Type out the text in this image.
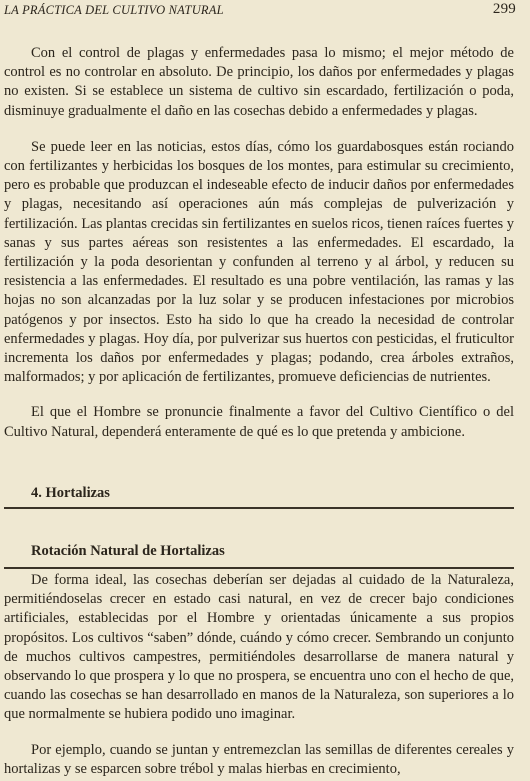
LA PRÁCTICA DEL CULTIVO NATURAL	299

Con el control de plagas y enfermedades pasa lo mismo; el mejor método de control es no controlar en absoluto. De principio, los daños por enfermedades y plagas no existen. Si se establece un sistema de cultivo sin escardado, fertilización o poda, disminuye gradualmente el daño en las cosechas debido a enfermedades y plagas.

Se puede leer en las noticias, estos días, cómo los guardabosques están rociando con fertilizantes y herbicidas los bosques de los montes, para estimular su crecimiento, pero es probable que produzcan el indeseable efecto de inducir daños por enfermedades y plagas, necesitando así operaciones aún más complejas de pulverización y fertilización. Las plantas crecidas sin fertilizantes en suelos ricos, tienen raíces fuertes y sanas y sus partes aéreas son resistentes a las enfermedades. El escardado, la fertilización y la poda desorientan y confunden al terreno y al árbol, y reducen su resistencia a las enfermedades. El resultado es una pobre ventilación, las ramas y las hojas no son alcanzadas por la luz solar y se producen infestaciones por microbios patógenos y por insectos. Esto ha sido lo que ha creado la necesidad de controlar enfermedades y plagas. Hoy día, por pulverizar sus huertos con pesticidas, el fruticultor incrementa los daños por enfermedades y plagas; podando, crea árboles extraños, malformados; y por aplicación de fertilizantes, promueve deficiencias de nutrientes.

El que el Hombre se pronuncie finalmente a favor del Cultivo Científico o del Cultivo Natural, dependerá enteramente de qué es lo que pretenda y ambicione.

4. Hortalizas
Rotación Natural de Hortalizas

De forma ideal, las cosechas deberían ser dejadas al cuidado de la Naturaleza, permitiéndoselas crecer en estado casi natural, en vez de crecer bajo condiciones artificiales, establecidas por el Hombre y orientadas únicamente a sus propios propósitos. Los cultivos “saben” dónde, cuándo y cómo crecer. Sembrando un conjunto de muchos cultivos campestres, permitiéndoles desarrollarse de manera natural y observando lo que prospera y lo que no prospera, se encuentra uno con el hecho de que, cuando las cosechas se han desarrollado en manos de la Naturaleza, son superiores a lo que normalmente se hubiera podido uno imaginar.

Por ejemplo, cuando se juntan y entremezclan las semillas de diferentes cereales y hortalizas y se esparcen sobre trébol y malas hierbas en crecimiento,
